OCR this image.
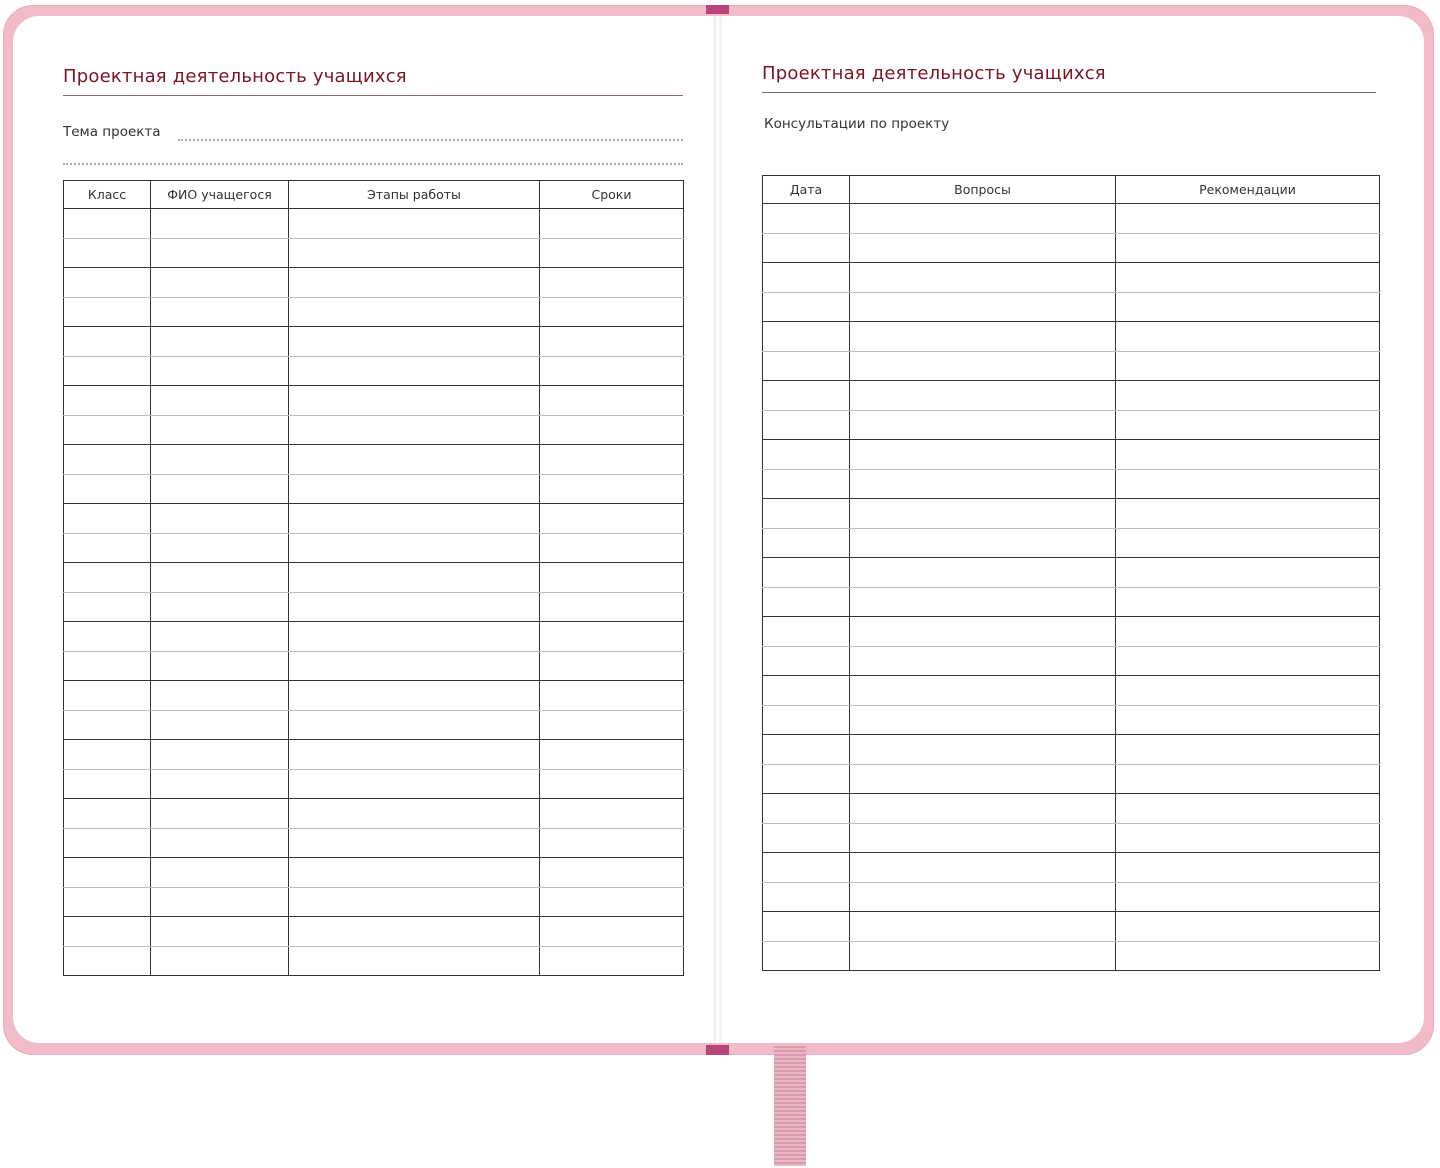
Проектная деятельность учащихся
Тема проекта
Класс	ФИО учащегося	Этапы работы	Сроки

Проектная деятельность учащихся
Консультации по проекту
Дата	Вопросы	Рекомендации
